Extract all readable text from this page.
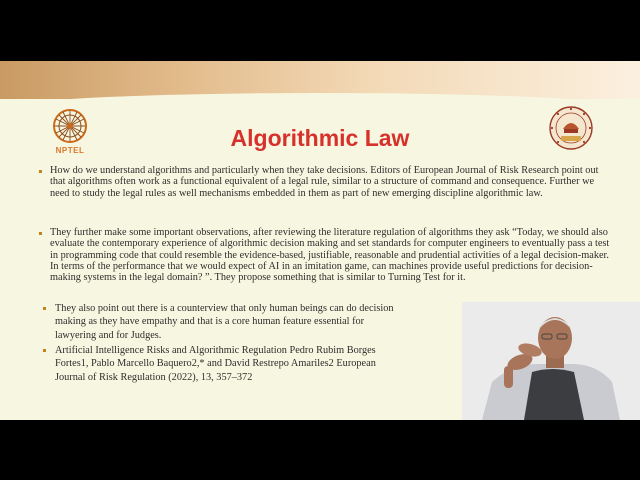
NPTEL	Algorithmic Law
How do we understand algorithms and particularly when they take decisions. Editors of European Journal of Risk Research point out that algorithms often work as a functional equivalent of a legal rule, similar to a structure of command and consequence. Further we need to study the legal rules as well mechanisms embedded in them as part of new emerging discipline algorithmic law.
They further make some important observations, after reviewing the literature regulation of algorithms they ask “Today, we should also evaluate the contemporary experience of algorithmic decision making and set standards for computer engineers to eventually pass a test in programming code that could resemble the evidence-based, justifiable, reasonable and prudential activities of a legal decision-maker. In terms of the performance that we would expect of AI in an imitation game, can machines provide useful predictions for decision-making systems in the legal domain? ”. They propose something that is similar to Turning Test for it.
They also point out there is a counterview that only human beings can do decision making as they have empathy and that is a core human feature essential for lawyering and for Judges.
Artificial Intelligence Risks and Algorithmic Regulation Pedro Rubim Borges Fortes1, Pablo Marcello Baquero2,* and David Restrepo Amariles2 European Journal of Risk Regulation (2022), 13, 357–372
